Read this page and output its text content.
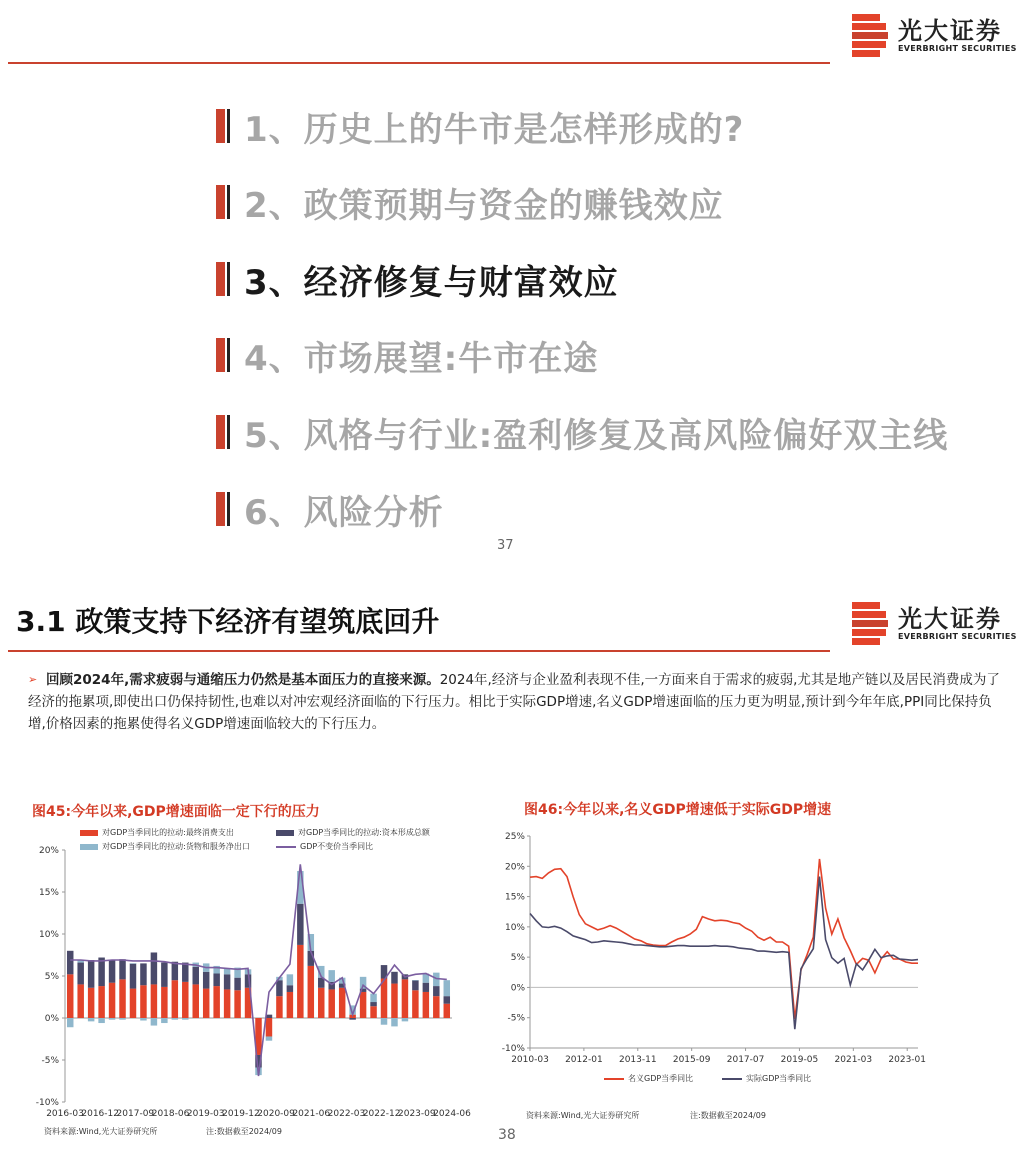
光大证券
EVERBRIGHT SECURITIES
1、历史上的牛市是怎样形成的?
2、政策预期与资金的赚钱效应
3、经济修复与财富效应
4、市场展望:牛市在途
5、风格与行业:盈利修复及高风险偏好双主线
6、风险分析
37
3.1 政策支持下经济有望筑底回升	光大证券
EVERBRIGHT SECURITIES
➢ 回顾2024年,需求疲弱与通缩压力仍然是基本面压力的直接来源。2024年,经济与企业盈利表现不佳,一方面来自于需求的疲弱,尤其是地产链以及居民消费成为了经济的拖累项,即使出口仍保持韧性,也难以对冲宏观经济面临的下行压力。相比于实际GDP增速,名义GDP增速面临的压力更为明显,预计到今年年底,PPI同比保持负增,价格因素的拖累使得名义GDP增速面临较大的下行压力。

图45:今年以来,GDP增速面临一定下行的压力
对GDP当季同比的拉动:最终消费支出	对GDP当季同比的拉动:资本形成总额
对GDP当季同比的拉动:货物和服务净出口	GDP不变价当季同比
-10%
-5%
0%
5%
10%
15%
20%
2016-03
2016-12
2017-09
2018-06
2019-03
2019-12
2020-09
2021-06
2022-03
2022-12
2023-09
2024-06
资料来源:Wind,光大证券研究所	注:数据截至2024/09
图46:今年以来,名义GDP增速低于实际GDP增速
-10%
-5%
0%
5%
10%
15%
20%
25%
2010-03 2012-01 2013-11 2015-09 2017-07 2019-05 2021-03 2023-01
名义GDP当季同比	实际GDP当季同比
资料来源:Wind,光大证券研究所	注:数据截至2024/09
38
